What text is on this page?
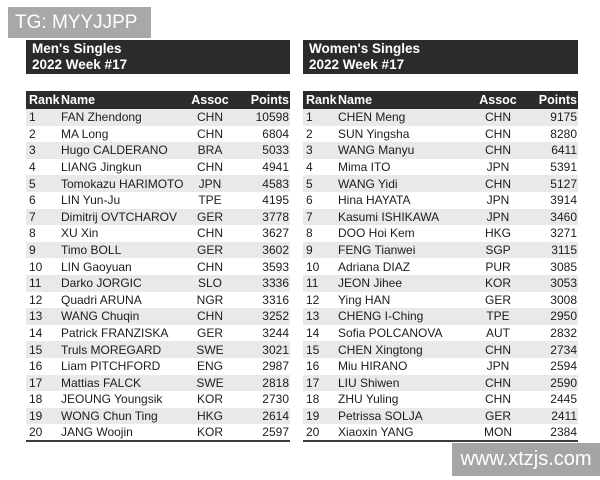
TG: MYYJJPP
Men's Singles
2022 Week #17
Rank	Name	Assoc	Points
1	FAN Zhendong	CHN	10598
2	MA Long	CHN	6804
3	Hugo CALDERANO	BRA	5033
4	LIANG Jingkun	CHN	4941
5	Tomokazu HARIMOTO	JPN	4583
6	LIN Yun-Ju	TPE	4195
7	Dimitrij OVTCHAROV	GER	3778
8	XU Xin	CHN	3627
9	Timo BOLL	GER	3602
10	LIN Gaoyuan	CHN	3593
11	Darko JORGIC	SLO	3336
12	Quadri ARUNA	NGR	3316
13	WANG Chuqin	CHN	3252
14	Patrick FRANZISKA	GER	3244
15	Truls MOREGARD	SWE	3021
16	Liam PITCHFORD	ENG	2987
17	Mattias FALCK	SWE	2818
18	JEOUNG Youngsik	KOR	2730
19	WONG Chun Ting	HKG	2614
20	JANG Woojin	KOR	2597
Women's Singles
2022 Week #17
Rank	Name	Assoc	Points
1	CHEN Meng	CHN	9175
2	SUN Yingsha	CHN	8280
3	WANG Manyu	CHN	6411
4	Mima ITO	JPN	5391
5	WANG Yidi	CHN	5127
6	Hina HAYATA	JPN	3914
7	Kasumi ISHIKAWA	JPN	3460
8	DOO Hoi Kem	HKG	3271
9	FENG Tianwei	SGP	3115
10	Adriana DIAZ	PUR	3085
11	JEON Jihee	KOR	3053
12	Ying HAN	GER	3008
13	CHENG I-Ching	TPE	2950
14	Sofia POLCANOVA	AUT	2832
15	CHEN Xingtong	CHN	2734
16	Miu HIRANO	JPN	2594
17	LIU Shiwen	CHN	2590
18	ZHU Yuling	CHN	2445
19	Petrissa SOLJA	GER	2411
20	Xiaoxin YANG	MON	2384
www.xtzjs.com
